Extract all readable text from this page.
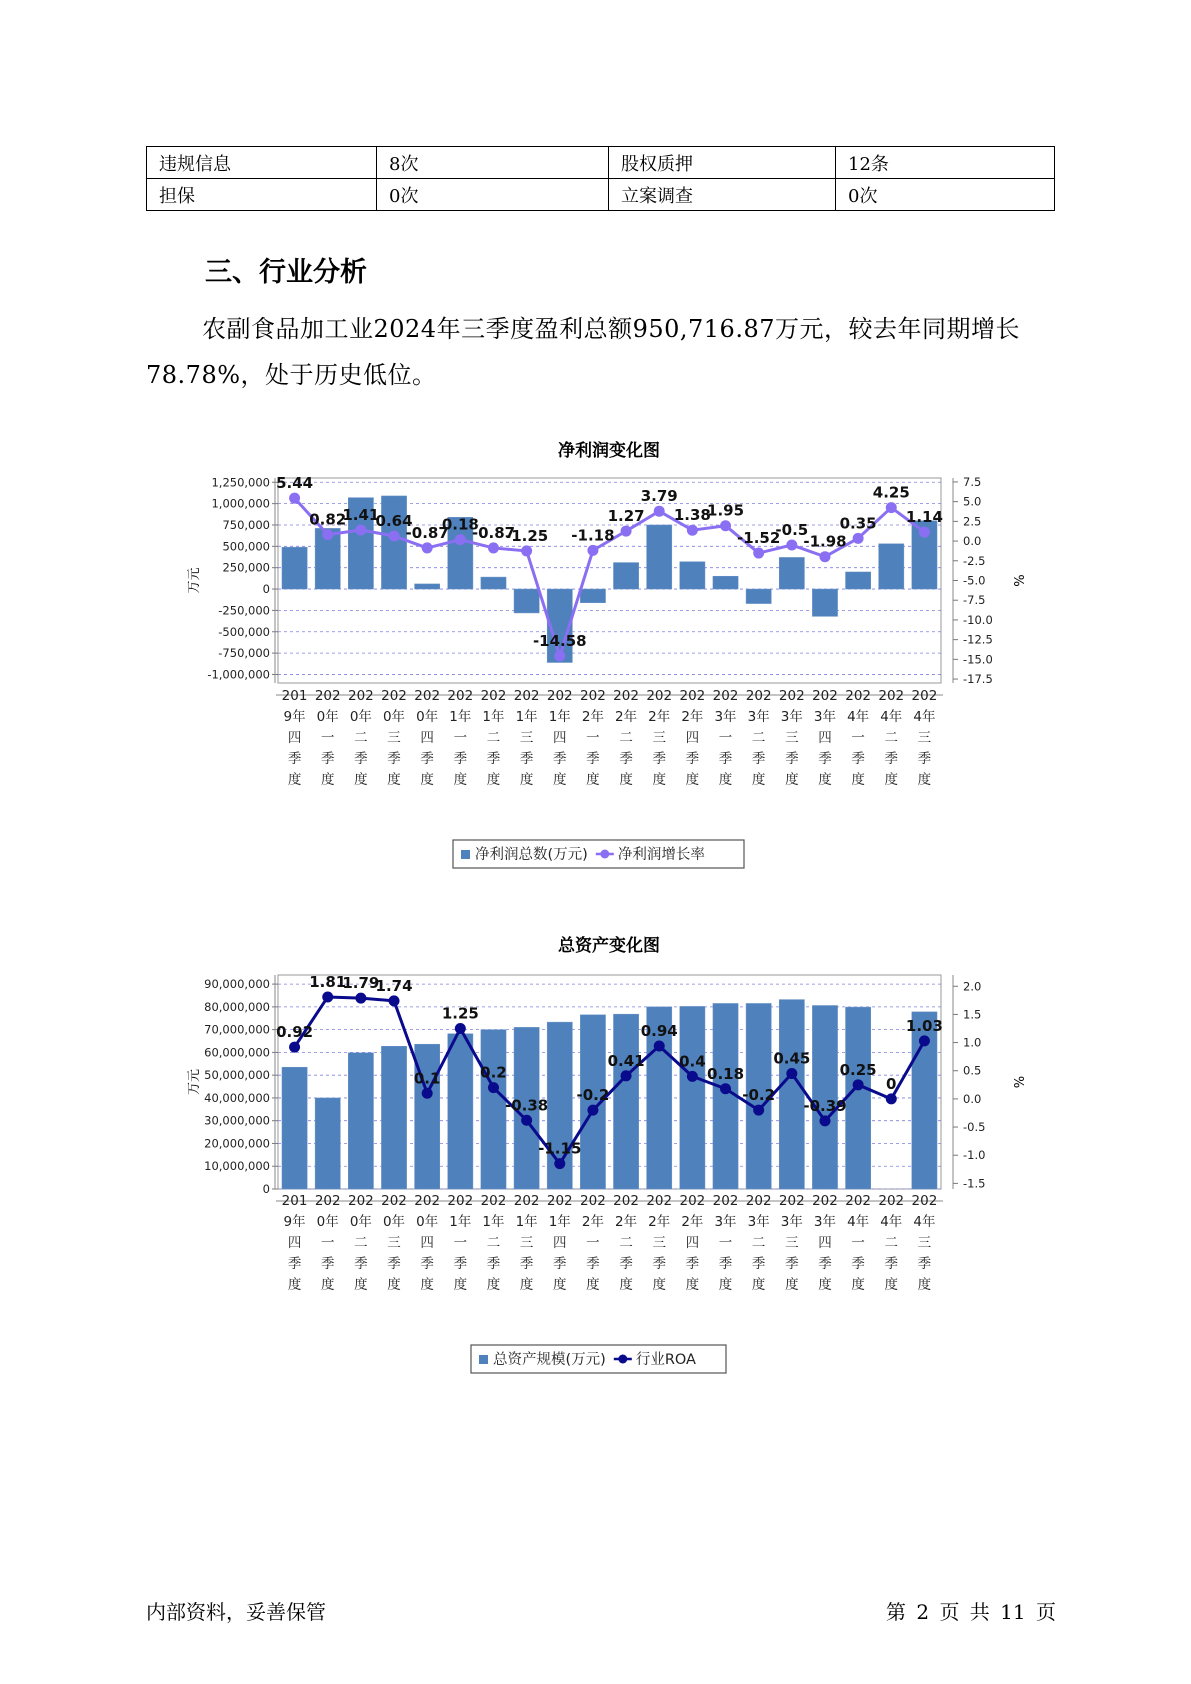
违规信息	8次	股权质押	12条
担保	0次	立案调查	0次
三、行业分析

农副食品加工业2024年三季度盈利总额950,716.87万元，较去年同期增长78.78%，处于历史低位。

净利润变化图
-1,000,000
-750,000
-500,000
-250,000
0
250,000
500,000
750,000
1,000,000
1,250,000
-17.5
-15.0
-12.5
-10.0
-7.5
-5.0
-2.5
0.0
2.5
5.0
7.5
万元	%
5.44
0.82
1.41
0.64
-0.87
0.18
-0.87
-1.25
-14.58
-1.18
1.27
3.79
1.38
1.95
-1.52
-0.5
-1.98
0.35
4.25
1.14
201 9年四季度
202 0年一季度
202 0年二季度
202 0年三季度
202 0年四季度
202 1年一季度
202 1年二季度
202 1年三季度
202 1年四季度
202 2年一季度
202 2年二季度
202 2年三季度
202 2年四季度
202 3年一季度
202 3年二季度
202 3年三季度
202 3年四季度
202 4年一季度
202 4年二季度
202 4年三季度
净利润总数(万元) 净利润增长率
总资产变化图
0
10,000,000
20,000,000
30,000,000
40,000,000
50,000,000
60,000,000
70,000,000
80,000,000
90,000,000
-1.5
-1.0
-0.5
0.0
0.5
1.0
1.5
2.0
万元	%
0.92
1.81
1.79
1.74
0.1
1.25
0.2
-0.38
-1.15
-0.2
0.41
0.94
0.4
0.18
-0.2
0.45
-0.39
0.25
0
1.03
201 9年四季度
202 0年一季度
202 0年二季度
202 0年三季度
202 0年四季度
202 1年一季度
202 1年二季度
202 1年三季度
202 1年四季度
202 2年一季度
202 2年二季度
202 2年三季度
202 2年四季度
202 3年一季度
202 3年二季度
202 3年三季度
202 3年四季度
202 4年一季度
202 4年二季度
202 4年三季度
总资产规模(万元) 行业ROA
内部资料，妥善保管	第 2 页 共 11 页
